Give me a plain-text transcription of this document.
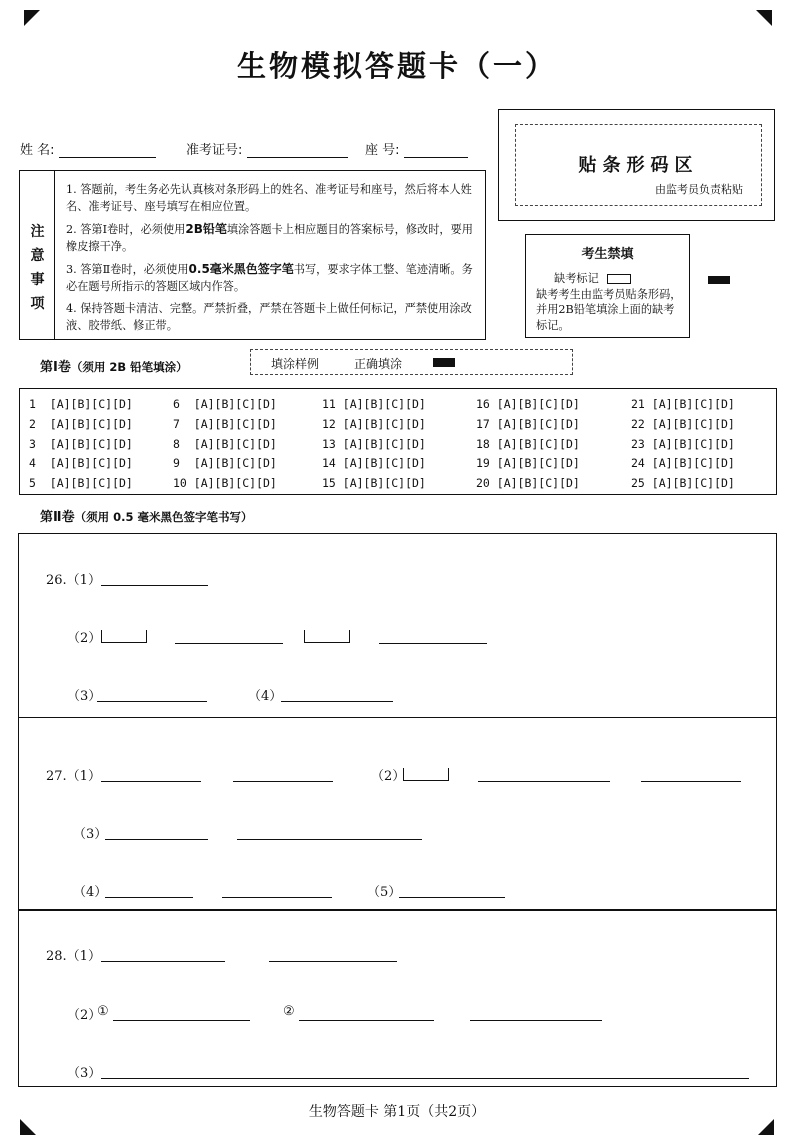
生物模拟答题卡（一）
姓 名:	准考证号:	座 号:
贴条形码区
由监考员负责粘贴
注
意
事
项
1. 答题前，考生务必先认真核对条形码上的姓名、准考证号和座号，然后将本人姓名、准考证号、座号填写在相应位置。
2. 答第Ⅰ卷时，必须使用2B铅笔填涂答题卡上相应题目的答案标号，修改时，要用橡皮擦干净。
3. 答第Ⅱ卷时，必须使用0.5毫米黑色签字笔书写，要求字体工整、笔迹清晰。务必在题号所指示的答题区域内作答。
4. 保持答题卡清洁、完整。严禁折叠，严禁在答题卡上做任何标记，严禁使用涂改液、胶带纸、修正带。
考生禁填
缺考标记
缺考考生由监考员贴条形码，并用2B铅笔填涂上面的缺考标记。
第Ⅰ卷（须用 2B 铅笔填涂）	填涂样例	正确填涂
1  [A][B][C][D]
2  [A][B][C][D]
3  [A][B][C][D]
4  [A][B][C][D]
5  [A][B][C][D]
6  [A][B][C][D]
7  [A][B][C][D]
8  [A][B][C][D]
9  [A][B][C][D]
10 [A][B][C][D]
11 [A][B][C][D]
12 [A][B][C][D]
13 [A][B][C][D]
14 [A][B][C][D]
15 [A][B][C][D]
16 [A][B][C][D]
17 [A][B][C][D]
18 [A][B][C][D]
19 [A][B][C][D]
20 [A][B][C][D]
21 [A][B][C][D]
22 [A][B][C][D]
23 [A][B][C][D]
24 [A][B][C][D]
25 [A][B][C][D]
第Ⅱ卷（须用 0.5 毫米黑色签字笔书写）
26.（1）
（2）
（3）	（4）
27.（1）	（2）
（3）
（4）	（5）
28.（1）
（2）
①	②
（3）
生物答题卡 第1页（共2页）
